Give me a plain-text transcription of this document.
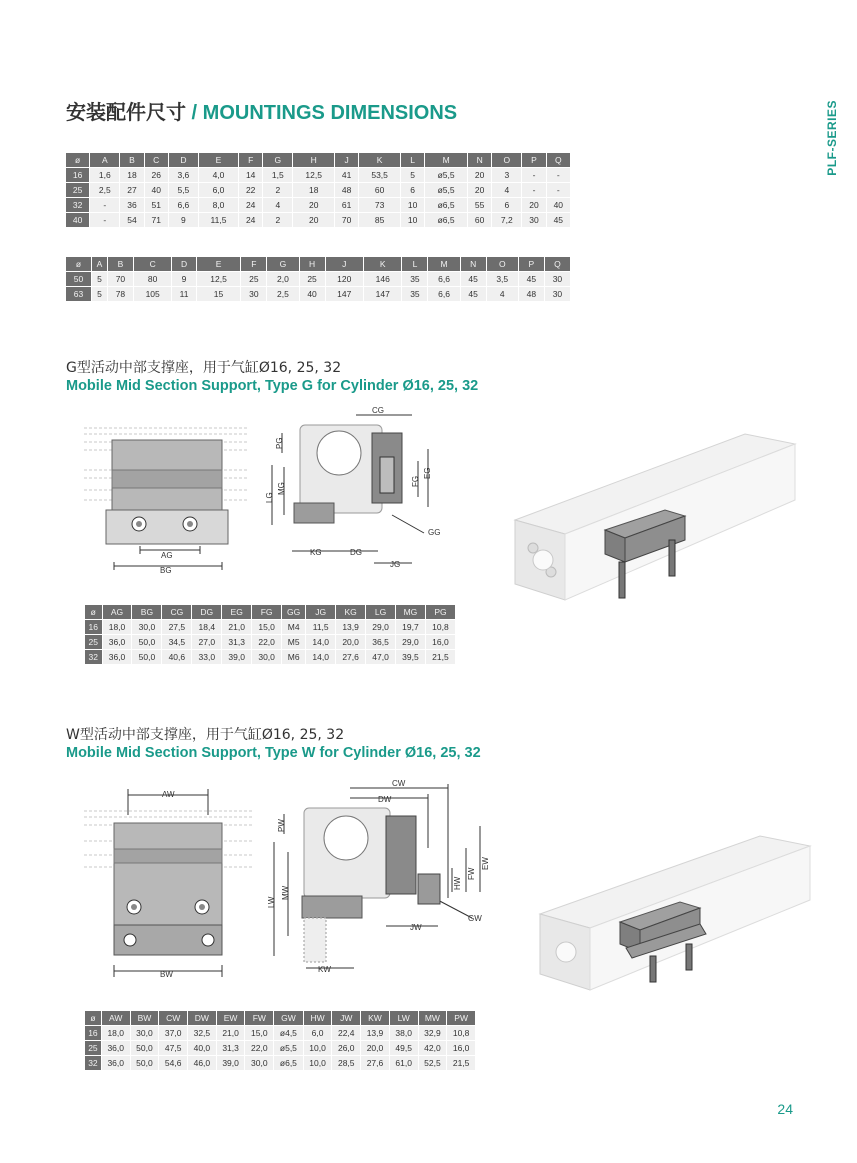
安装配件尺寸 / MOUNTINGS DIMENSIONS	PLF-SERIES
ø	A	B	C	D	E	F	G	H	J	K	L	M	N	O	P	Q
16	1,6	18	26	3,6	4,0	14	1,5	12,5	41	53,5	5	ø5,5	20	3	-	-
25	2,5	27	40	5,5	6,0	22	2	18	48	60	6	ø5,5	20	4	-	-
32	-	36	51	6,6	8,0	24	4	20	61	73	10	ø6,5	55	6	20	40
40	-	54	71	9	11,5	24	2	20	70	85	10	ø6,5	60	7,2	30	45
ø	A	B	C	D	E	F	G	H	J	K	L	M	N	O	P	Q
50	5	70	80	9	12,5	25	2,0	25	120	146	35	6,6	45	3,5	45	30
63	5	78	105	11	15	30	2,5	40	147	147	35	6,6	45	4	48	30
G型活动中部支撑座，用于气缸Ø16, 25, 32
Mobile Mid Section Support, Type G for Cylinder Ø16, 25, 32
AG
BG
CG
PG
LG
MG
FG
EG
GG
KG	DG
JG
ø	AG	BG	CG	DG	EG	FG	GG	JG	KG	LG	MG	PG
16	18,0	30,0	27,5	18,4	21,0	15,0	M4	11,5	13,9	29,0	19,7	10,8
25	36,0	50,0	34,5	27,0	31,3	22,0	M5	14,0	20,0	36,5	29,0	16,0
32	36,0	50,0	40,6	33,0	39,0	30,0	M6	14,0	27,6	47,0	39,5	21,5
W型活动中部支撑座，用于气缸Ø16, 25, 32
Mobile Mid Section Support, Type W for Cylinder Ø16, 25, 32
AW
BW
CW
DW
PW
LW
MW
HW
FW
EW
GW
JW
KW
ø	AW	BW	CW	DW	EW	FW	GW	HW	JW	KW	LW	MW	PW
16	18,0	30,0	37,0	32,5	21,0	15,0	ø4,5	6,0	22,4	13,9	38,0	32,9	10,8
25	36,0	50,0	47,5	40,0	31,3	22,0	ø5,5	10,0	26,0	20,0	49,5	42,0	16,0
32	36,0	50,0	54,6	46,0	39,0	30,0	ø6,5	10,0	28,5	27,6	61,0	52,5	21,5
24
